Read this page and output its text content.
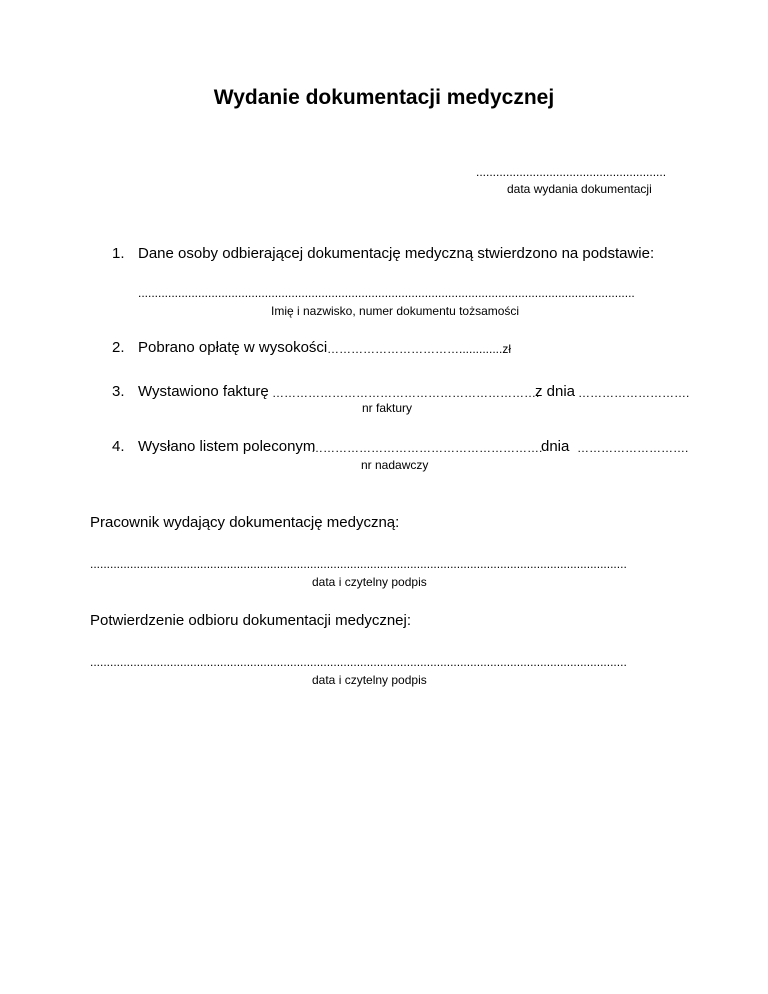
Wydanie dokumentacji medycznej
.........................................................
data wydania dokumentacji
1. Dane osoby odbierającej dokumentację medyczną stwierdzono na podstawie:
.....................................................................................................................................................
Imię i nazwisko, numer dokumentu tożsamości
2. Pobrano opłatę w wysokości …………………………….............zł
3. Wystawiono fakturę ………………………………………………………….
z dnia ……………………….
nr faktury
4. Wysłano listem poleconym
………………………………………………….
dnia ……………………….
nr nadawczy
Pracownik wydający dokumentację medyczną:
.................................................................................................................................................................
data i czytelny podpis
Potwierdzenie odbioru dokumentacji medycznej:
.................................................................................................................................................................
data i czytelny podpis
